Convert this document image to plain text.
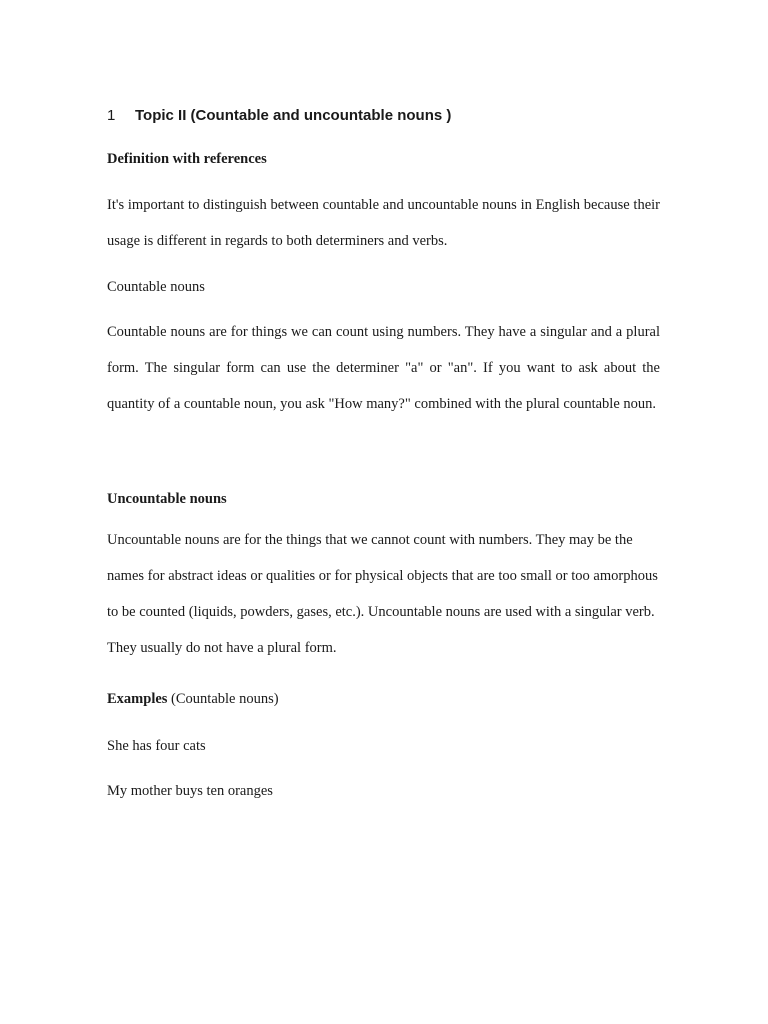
1 Topic II (Countable and uncountable nouns )
Definition with references
It's important to distinguish between countable and uncountable nouns in English because their usage is different in regards to both determiners and verbs.
Countable nouns
Countable nouns are for things we can count using numbers. They have a singular and a plural form. The singular form can use the determiner "a" or "an". If you want to ask about the quantity of a countable noun, you ask "How many?" combined with the plural countable noun.
Uncountable nouns
Uncountable nouns are for the things that we cannot count with numbers. They may be the names for abstract ideas or qualities or for physical objects that are too small or too amorphous to be counted (liquids, powders, gases, etc.). Uncountable nouns are used with a singular verb. They usually do not have a plural form.
Examples (Countable nouns)
She has four cats
My mother buys ten oranges
